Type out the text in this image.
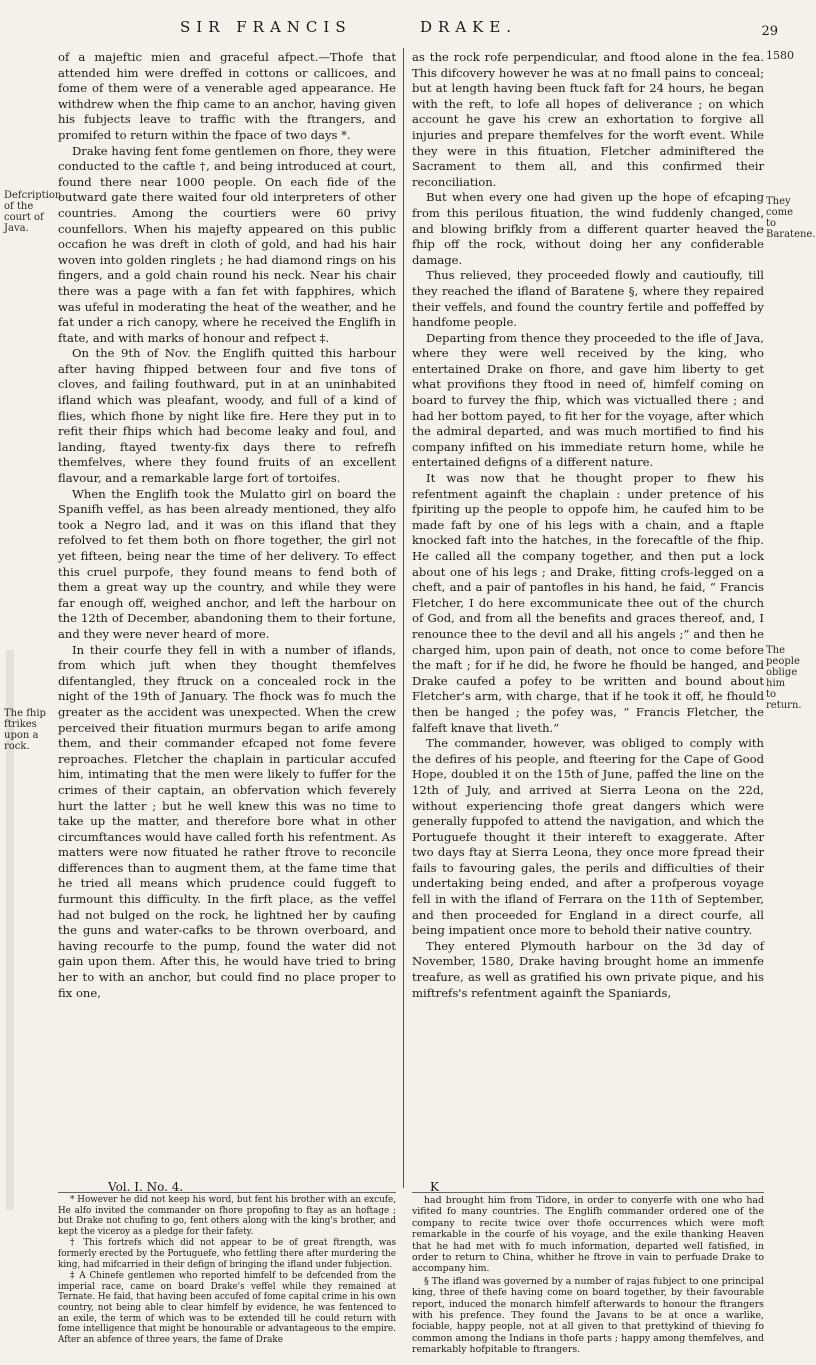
SIR FRANCIS	DRAKE.	29
Defcription of the court of Java.
The fhip ftrikes upon a rock.
1580
They come to Baratene.
The people oblige him to return.

of a majeftic mien and graceful afpect.—Thofe that attended him were dreffed in cottons or callicoes, and fome of them were of a venerable aged appearance. He withdrew when the fhip came to an anchor, having given his fubjects leave to traffic with the ftrangers, and promifed to return within the fpace of two days *.

Drake having fent fome gentlemen on fhore, they were conducted to the caftle †, and being introduced at court, found there near 1000 people. On each fide of the outward gate there waited four old interpreters of other countries. Among the courtiers were 60 privy counfellors. When his majefty appeared on this public occafion he was dreft in cloth of gold, and had his hair woven into golden ringlets ; he had diamond rings on his fingers, and a gold chain round his neck. Near his chair there was a page with a fan fet with fapphires, which was ufeful in moderating the heat of the weather, and he fat under a rich canopy, where he received the Englifh in ftate, and with marks of honour and refpect ‡.

On the 9th of Nov. the Englifh quitted this harbour after having fhipped between four and five tons of cloves, and failing fouthward, put in at an uninhabited ifland which was pleafant, woody, and full of a kind of flies, which fhone by night like fire. Here they put in to refit their fhips which had become leaky and foul, and landing, ftayed twenty-fix days there to refrefh themfelves, where they found fruits of an excellent flavour, and a remarkable large fort of tortoifes.

When the Englifh took the Mulatto girl on board the Spanifh veffel, as has been already mentioned, they alfo took a Negro lad, and it was on this ifland that they refolved to fet them both on fhore together, the girl not yet fifteen, being near the time of her delivery. To effect this cruel purpofe, they found means to fend both of them a great way up the country, and while they were far enough off, weighed anchor, and left the harbour on the 12th of December, abandoning them to their fortune, and they were never heard of more.

In their courfe they fell in with a number of iflands, from which juft when they thought themfelves difentangled, they ftruck on a concealed rock in the night of the 19th of January. The fhock was fo much the greater as the accident was unexpected. When the crew perceived their fituation murmurs began to arife among them, and their commander efcaped not fome fevere reproaches. Fletcher the chaplain in particular accufed him, intimating that the men were likely to fuffer for the crimes of their captain, an obfervation which feverely hurt the latter ; but he well knew this was no time to take up the matter, and therefore bore what in other circumftances would have called forth his refentment. As matters were now fituated he rather ftrove to reconcile differences than to augment them, at the fame time that he tried all means which prudence could fuggeft to furmount this difficulty. In the firft place, as the veffel had not bulged on the rock, he lightned her by caufing the guns and water-cafks to be thrown overboard, and having recourfe to the pump, found the water did not gain upon them. After this, he would have tried to bring her to with an anchor, but could find no place proper to fix one,

as the rock rofe perpendicular, and ftood alone in the fea. This difcovery however he was at no fmall pains to conceal; but at length having been ftuck faft for 24 hours, he began with the reft, to lofe all hopes of deliverance ; on which account he gave his crew an exhortation to forgive all injuries and prepare themfelves for the worft event. While they were in this fituation, Fletcher adminiftered the Sacrament to them all, and this confirmed their reconciliation.

But when every one had given up the hope of efcaping from this perilous fituation, the wind fuddenly changed, and blowing brifkly from a different quarter heaved the fhip off the rock, without doing her any confiderable damage.

Thus relieved, they proceeded flowly and cautioufly, till they reached the ifland of Baratene §, where they repaired their veffels, and found the country fertile and poffeffed by handfome people.

Departing from thence they proceeded to the ifle of Java, where they were well received by the king, who entertained Drake on fhore, and gave him liberty to get what provifions they ftood in need of, himfelf coming on board to furvey the fhip, which was victualled there ; and had her bottom payed, to fit her for the voyage, after which the admiral departed, and was much mortified to find his company infifted on his immediate return home, while he entertained defigns of a different nature.

It was now that he thought proper to fhew his refentment againft the chaplain : under pretence of his fpiriting up the people to oppofe him, he caufed him to be made faft by one of his legs with a chain, and a ftaple knocked faft into the hatches, in the forecaftle of the fhip. He called all the company together, and then put a lock about one of his legs ; and Drake, fitting crofs-legged on a cheft, and a pair of pantofles in his hand, he faid, “ Francis Fletcher, I do here excommunicate thee out of the church of God, and from all the benefits and graces thereof, and, I renounce thee to the devil and all his angels ;” and then he charged him, upon pain of death, not once to come before the maft ; for if he did, he fwore he fhould be hanged, and Drake caufed a pofey to be written and bound about Fletcher's arm, with charge, that if he took it off, he fhould then be hanged ; the pofey was, “ Francis Fletcher, the falfeft knave that liveth.”

The commander, however, was obliged to comply with the defires of his people, and fteering for the Cape of Good Hope, doubled it on the 15th of June, paffed the line on the 12th of July, and arrived at Sierra Leona on the 22d, without experiencing thofe great dangers which were generally fuppofed to attend the navigation, and which the Portuguefe thought it their intereft to exaggerate. After two days ftay at Sierra Leona, they once more fpread their fails to favouring gales, the perils and difficulties of their undertaking being ended, and after a profperous voyage fell in with the ifland of Ferrara on the 11th of September, and then proceeded for England in a direct courfe, all being impatient once more to behold their native country.

They entered Plymouth harbour on the 3d day of November, 1580, Drake having brought home an immenfe treafure, as well as gratified his own private pique, and his miftrefs's refentment againft the Spaniards,

Vol. I. No. 4.	K

* However he did not keep his word, but fent his brother with an excufe, He alfo invited the commander on fhore propofing to ftay as an hoftage ; but Drake not chufing to go, fent others along with the king's brother, and kept the viceroy as a pledge for their fafety.

† This fortrefs which did not appear to be of great ftrength, was formerly erected by the Portuguefe, who fettling there after murdering the king, had mifcarried in their defign of bringing the ifland under fubjection.

‡ A Chinefe gentlemen who reported himfelf to be defcended from the imperial race, came on board Drake's veffel while they remained at Ternate. He faid, that having been accufed of fome capital crime in his own country, not being able to clear himfelf by evidence, he was fentenced to an exile, the term of which was to be extended till he could return with fome intelligence that might be honourable or advantageous to the empire. After an abfence of three years, the fame of Drake

had brought him from Tidore, in order to conyerfe with one who had vifited fo many countries. The Englifh commander ordered one of the company to recite twice over thofe occurrences which were moft remarkable in the courfe of his voyage, and the exile thanking Heaven that he had met with fo much information, departed well fatisfied, in order to return to China, whither he ftrove in vain to perfuade Drake to accompany him.

§ The ifland was governed by a number of rajas fubject to one principal king, three of thefe having come on board together, by their favourable report, induced the monarch himfelf afterwards to honour the ftrangers with his prefence. They found the Javans to be at once a warlike, fociable, happy people, not at all given to that prettykind of thieving fo common among the Indians in thofe parts ; happy among themfelves, and remarkably hofpitable to ftrangers.
